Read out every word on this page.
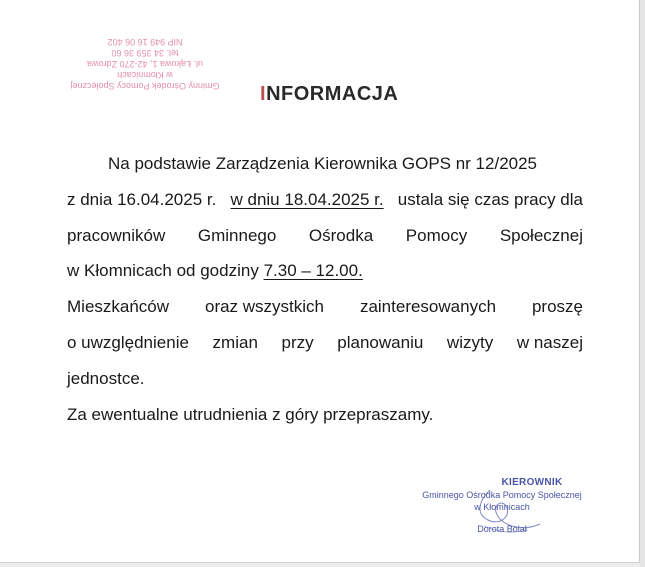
Gminny Ośrodek Pomocy Społecznej
w Kłomnicach
ul. Łąkowa 1, 42-270 Zdrowa
tel. 34 359 36 60
NIP 949 16 06 402
INFORMACJA
Na podstawie Zarządzenia Kierownika GOPS nr 12/2025
z dnia 16.04.2025 r. w dniu 18.04.2025 r. ustala się czas pracy dla
pracowników Gminnego Ośrodka Pomocy Społecznej
w Kłomnicach od godziny 7.30 – 12.00.
Mieszkańców oraz wszystkich zainteresowanych proszę
o uwzględnienie zmian przy planowaniu wizyty w naszej
jednostce.
Za ewentualne utrudnienia z góry przepraszamy.
KIEROWNIK
Gminnego Ośrodka Pomocy Społecznej
w Kłomnicach
Dorota Bolał
